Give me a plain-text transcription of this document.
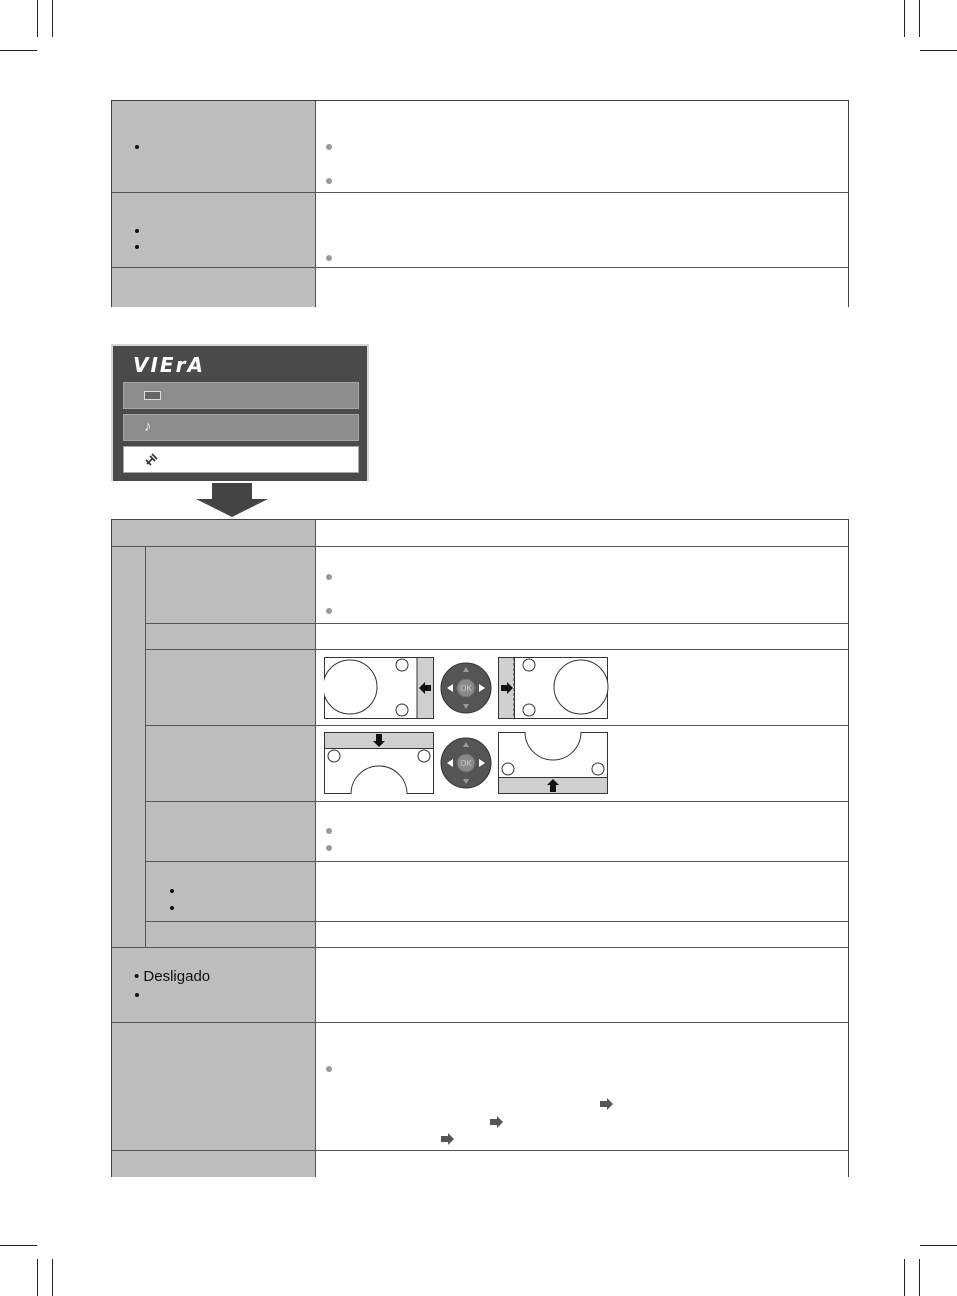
VIErA
♪
OK
OK
• Desligado
